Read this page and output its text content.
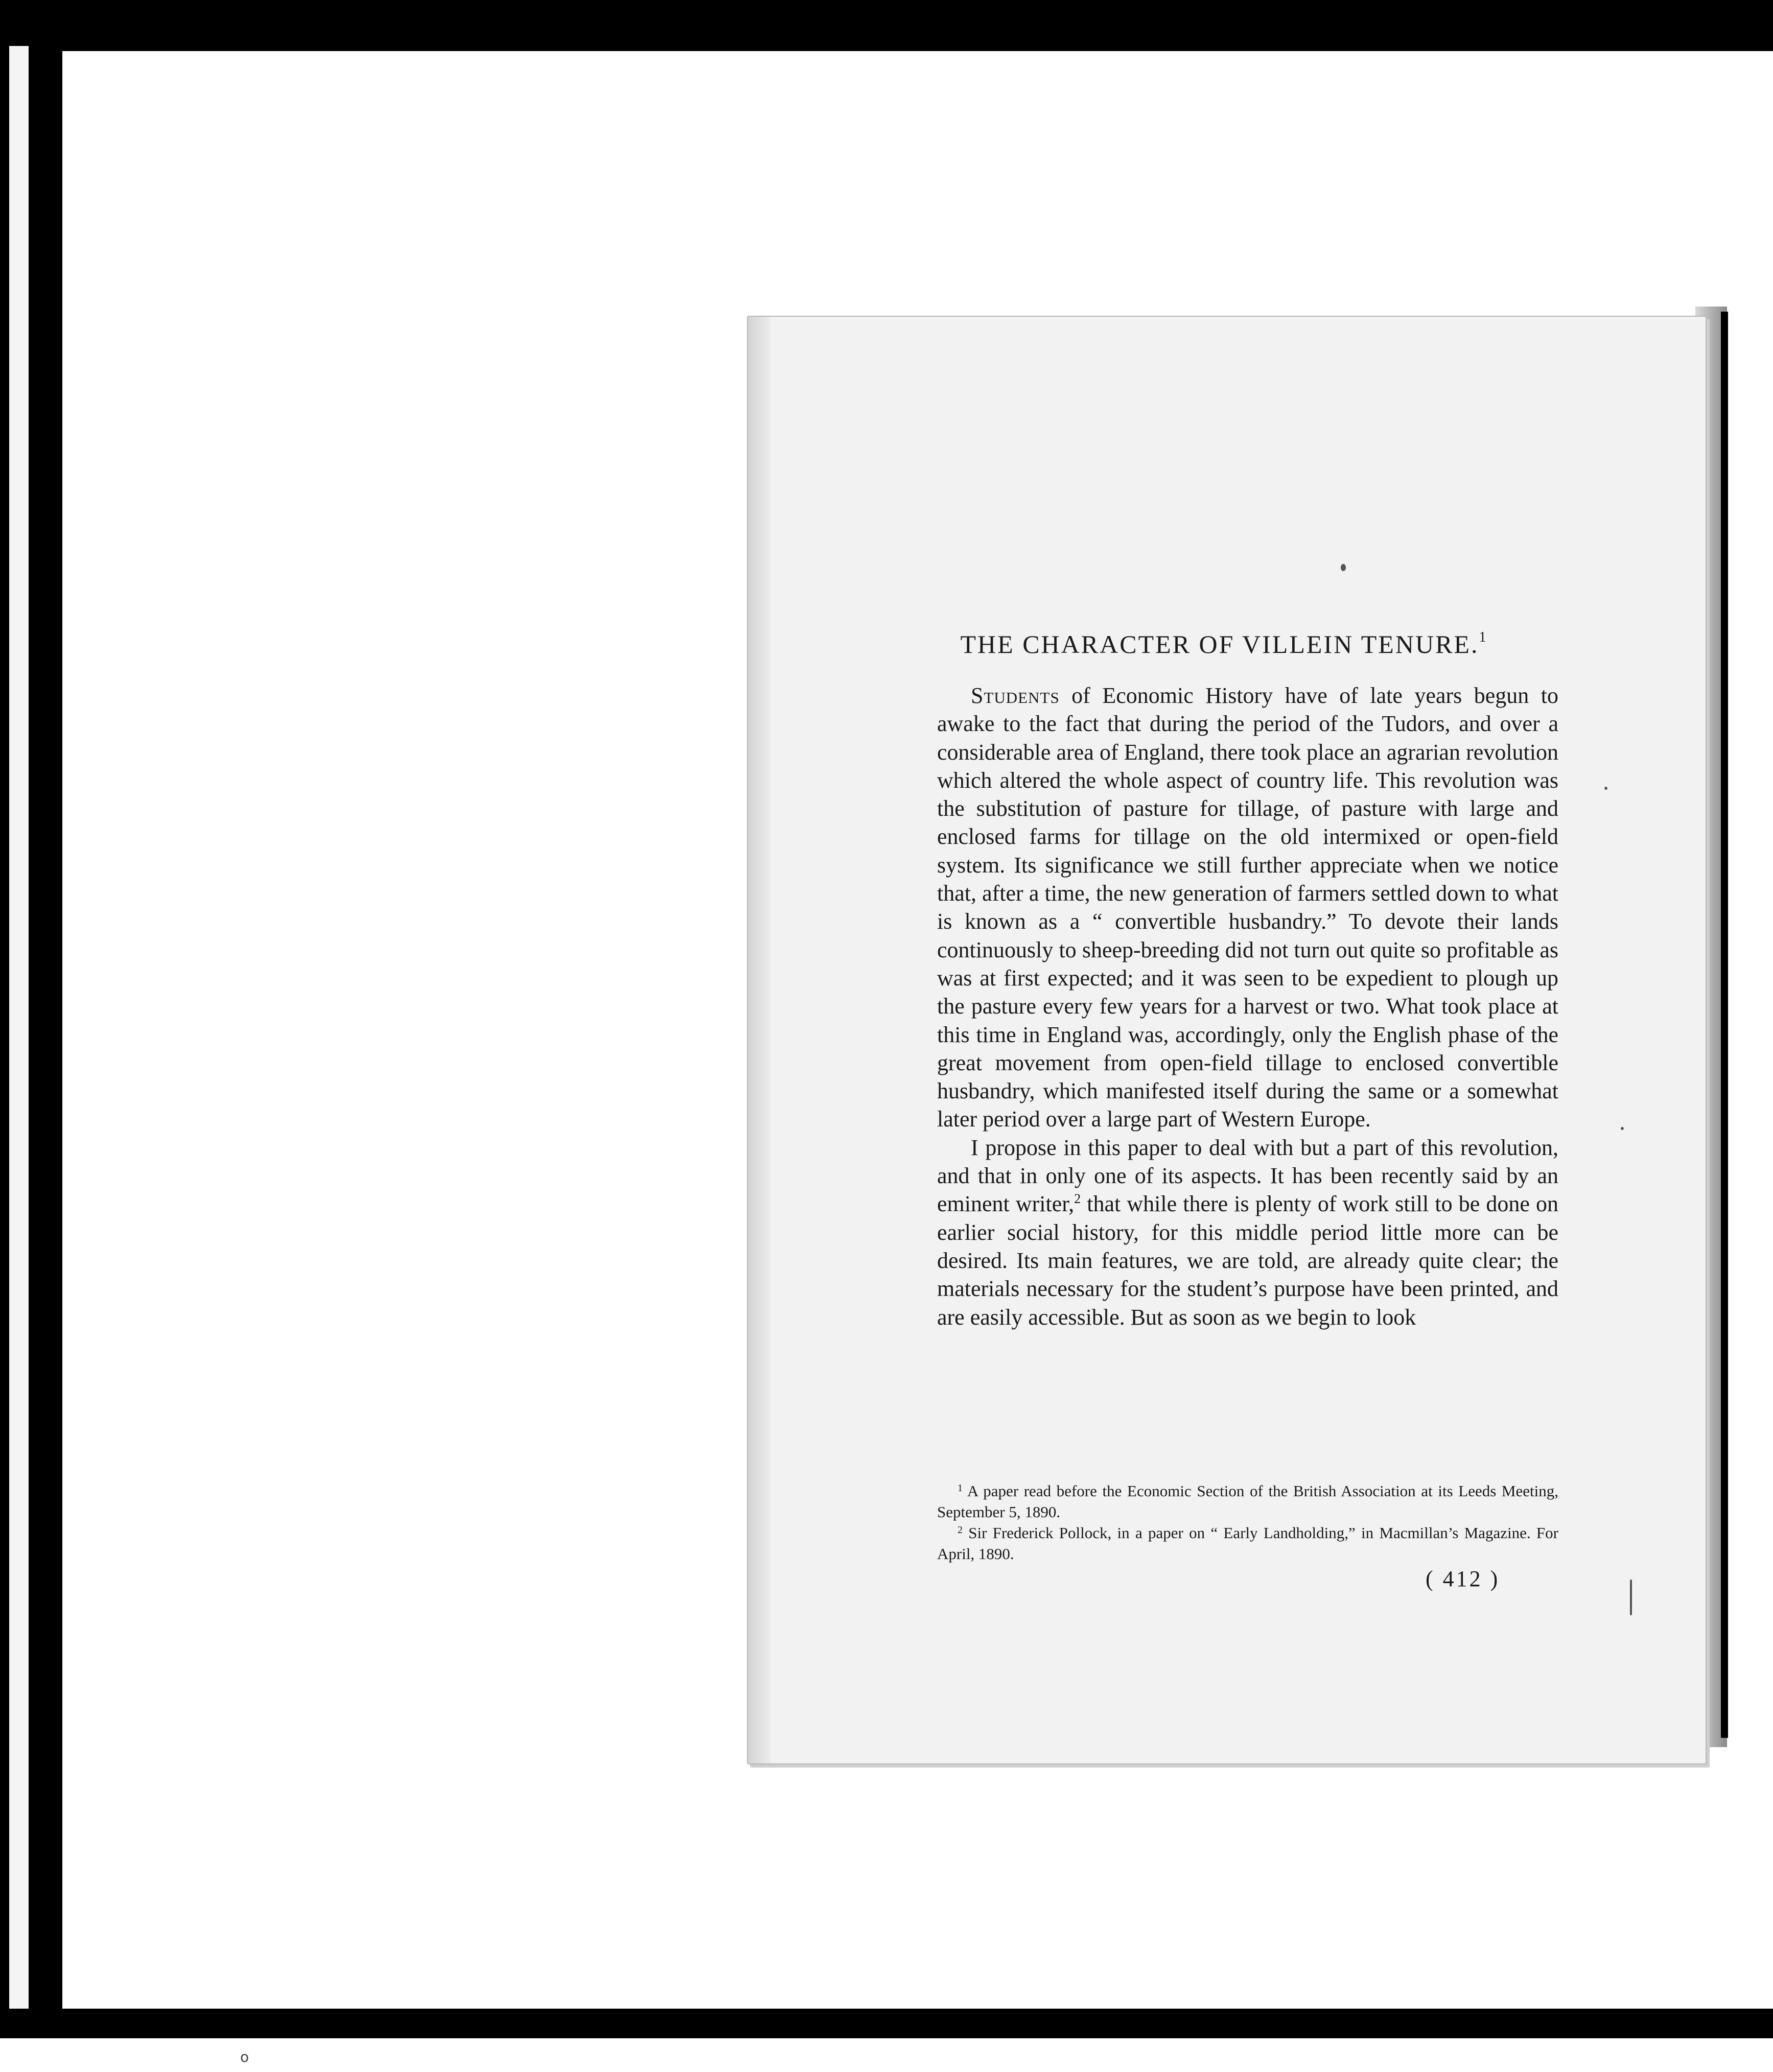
o
THE CHARACTER OF VILLEIN TENURE.$^1$

Students of Economic History have of late years begun to awake to the fact that during the period of the Tudors, and over a considerable area of England, there took place an agrarian revolution which altered the whole aspect of country life. This revolution was the substitution of pasture for tillage, of pasture with large and enclosed farms for tillage on the old intermixed or open-field system. Its significance we still further appreciate when we notice that, after a time, the new generation of farmers settled down to what is known as a “ convertible husbandry.” To devote their lands continuously to sheep-breeding did not turn out quite so profitable as was at first expected; and it was seen to be expedient to plough up the pasture every few years for a harvest or two. What took place at this time in England was, accordingly, only the English phase of the great movement from open-field tillage to enclosed convertible husbandry, which manifested itself during the same or a somewhat later period over a large part of Western Europe.

I propose in this paper to deal with but a part of this revolution, and that in only one of its aspects. It has been recently said by an eminent writer,$^2$ that while there is plenty of work still to be done on earlier social history, for this middle period little more can be desired. Its main features, we are told, are already quite clear; the materials necessary for the student’s purpose have been printed, and are easily accessible. But as soon as we begin to look

$^1$ A paper read before the Economic Section of the British Association at its Leeds Meeting, September 5, 1890.

$^2$ Sir Frederick Pollock, in a paper on “ Early Landholding,” in Macmillan’s Magazine. For April, 1890.

( 412 )
